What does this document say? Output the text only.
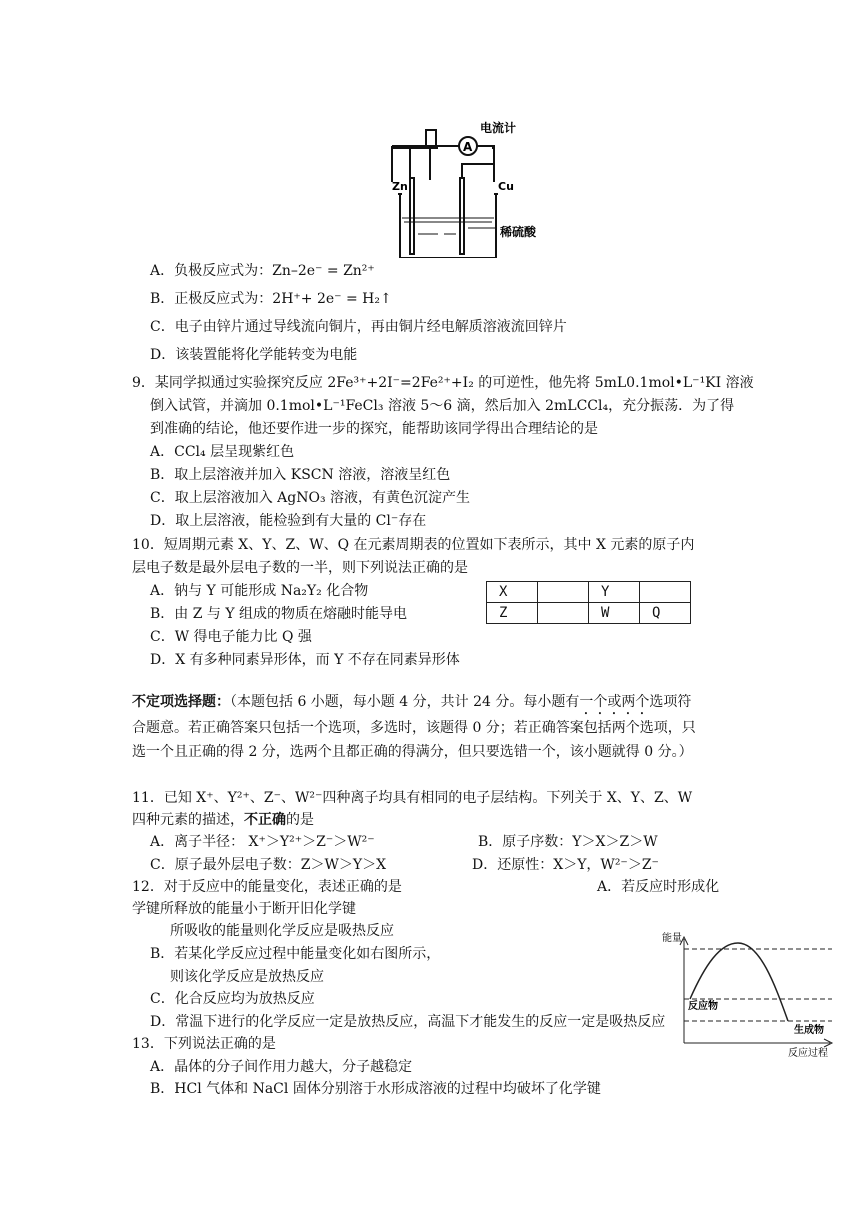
A
电流计
Zn	Cu
稀硫酸
A．负极反应式为：Zn–2e⁻ = Zn²⁺
B．正极反应式为：2H⁺+ 2e⁻ = H₂↑
C．电子由锌片通过导线流向铜片，再由铜片经电解质溶液流回锌片
D．该装置能将化学能转变为电能
9．某同学拟通过实验探究反应 2Fe³⁺+2I⁻=2Fe²⁺+I₂ 的可逆性，他先将 5mL0.1mol•L⁻¹KI 溶液
倒入试管，并滴加 0.1mol•L⁻¹FeCl₃ 溶液 5～6 滴，然后加入 2mLCCl₄，充分振荡．为了得
到准确的结论，他还要作进一步的探究，能帮助该同学得出合理结论的是
A．CCl₄ 层呈现紫红色
B．取上层溶液并加入 KSCN 溶液，溶液呈红色
C．取上层溶液加入 AgNO₃ 溶液，有黄色沉淀产生
D．取上层溶液，能检验到有大量的 Cl⁻存在
10．短周期元素 X、Y、Z、W、Q 在元素周期表的位置如下表所示，其中 X 元素的原子内
层电子数是最外层电子数的一半，则下列说法正确的是
A．钠与 Y 可能形成 Na₂Y₂ 化合物
B．由 Z 与 Y 组成的物质在熔融时能导电
C．W 得电子能力比 Q 强
D．X 有多种同素异形体，而 Y 不存在同素异形体
X		Y	
Z		W	Q
不定项选择题：（本题包括 6 小题，每小题 4 分，共计 24 分。每小题有一个或两个选项符
合题意。若正确答案只包括一个选项，多选时，该题得 0 分；若正确答案包括两个选项，只
选一个且正确的得 2 分，选两个且都正确的得满分，但只要选错一个，该小题就得 0 分。）
11．已知 X⁺、Y²⁺、Z⁻、W²⁻四种离子均具有相同的电子层结构。下列关于 X、Y、Z、W
四种元素的描述，不正确的是
A．离子半径： X⁺＞Y²⁺＞Z⁻＞W²⁻	B．原子序数：Y＞X＞Z＞W
C．原子最外层电子数：Z＞W＞Y＞X	D．还原性：X＞Y，W²⁻＞Z⁻
12．对于反应中的能量变化，表述正确的是	A．若反应时形成化
学键所释放的能量小于断开旧化学键
所吸收的能量则化学反应是吸热反应
B．若某化学反应过程中能量变化如右图所示，
则该化学反应是放热反应
C．化合反应均为放热反应
D．常温下进行的化学反应一定是放热反应，高温下才能发生的反应一定是吸热反应
能量
反应物
生成物
反应过程
13．下列说法正确的是
A．晶体的分子间作用力越大，分子越稳定
B．HCl 气体和 NaCl 固体分别溶于水形成溶液的过程中均破坏了化学键
